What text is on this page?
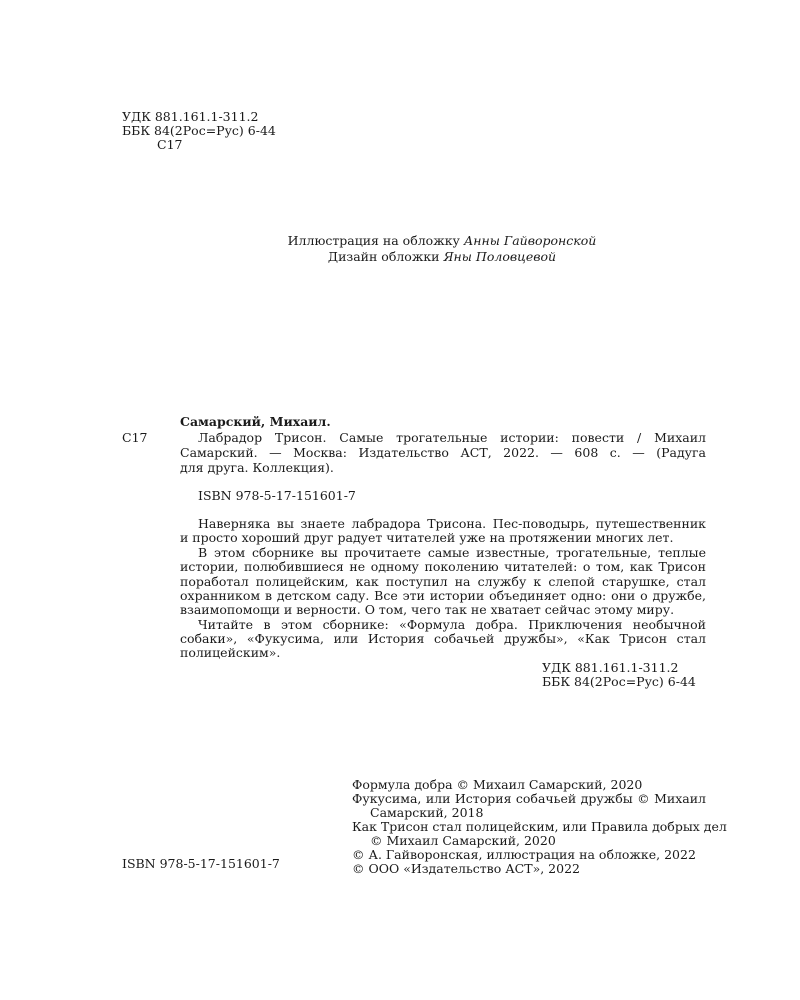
УДК 881.161.1-311.2
ББК 84(2Рос=Рус) 6-44
С17
Иллюстрация на обложку Анны Гайворонской
Дизайн обложки Яны Половцевой
Самарский, Михаил.
С17	Лабрадор Трисон. Самые трогательные истории: повести / Михаил
Самарский. — Москва: Издательство АСТ, 2022. — 608 с. — (Радуга
для друга. Коллекция).
ISBN 978-5-17-151601-7
Наверняка вы знаете лабрадора Трисона. Пес-поводырь, путешественник
и просто хороший друг радует читателей уже на протяжении многих лет.
В этом сборнике вы прочитаете самые известные, трогательные, теплые
истории, полюбившиеся не одному поколению читателей: о том, как Трисон
поработал полицейским, как поступил на службу к слепой старушке, стал
охранником в детском саду. Все эти истории объединяет одно: они о дружбе,
взаимопомощи и верности. О том, чего так не хватает сейчас этому миру.
Читайте в этом сборнике: «Формула добра. Приключения необычной
собаки», «Фукусима, или История собачьей дружбы», «Как Трисон стал
полицейским».
УДК 881.161.1-311.2
ББК 84(2Рос=Рус) 6-44
ISBN 978-5-17-151601-7
Формула добра © Михаил Самарский, 2020
Фукусима, или История собачьей дружбы © Михаил
Самарский, 2018
Как Трисон стал полицейским, или Правила добрых дел
© Михаил Самарский, 2020
© А. Гайворонская, иллюстрация на обложке, 2022
© ООО «Издательство АСТ», 2022
